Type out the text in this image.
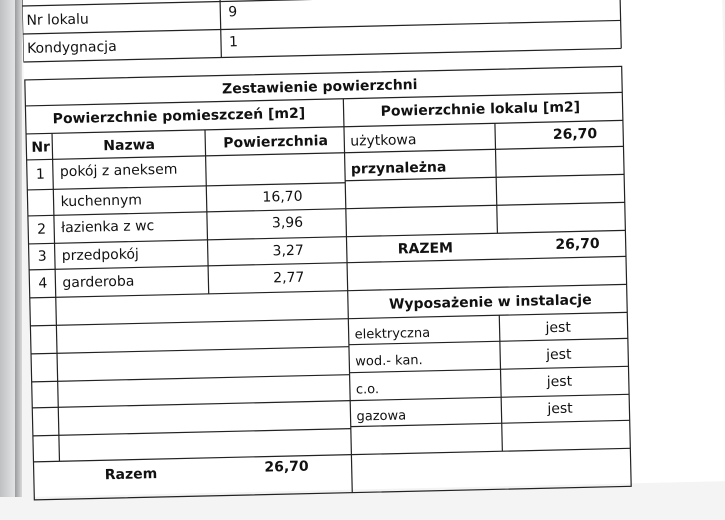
Nr lokalu	9
Kondygnacja	1
Zestawienie powierzchni
Powierzchnie pomieszczeń [m2]	Powierzchnie lokalu [m2]
Nr	Nazwa	Powierzchnia
1 pokój z aneksem
kuchennym	16,70
2 łazienka z wc	3,96
3 przedpokój	3,27
4 garderoba	2,77
Razem	26,70
użytkowa	26,70
przynależna
RAZEM	26,70
Wyposażenie w instalacje
elektryczna	jest
wod.- kan.	jest
c.o.	jest
gazowa	jest
